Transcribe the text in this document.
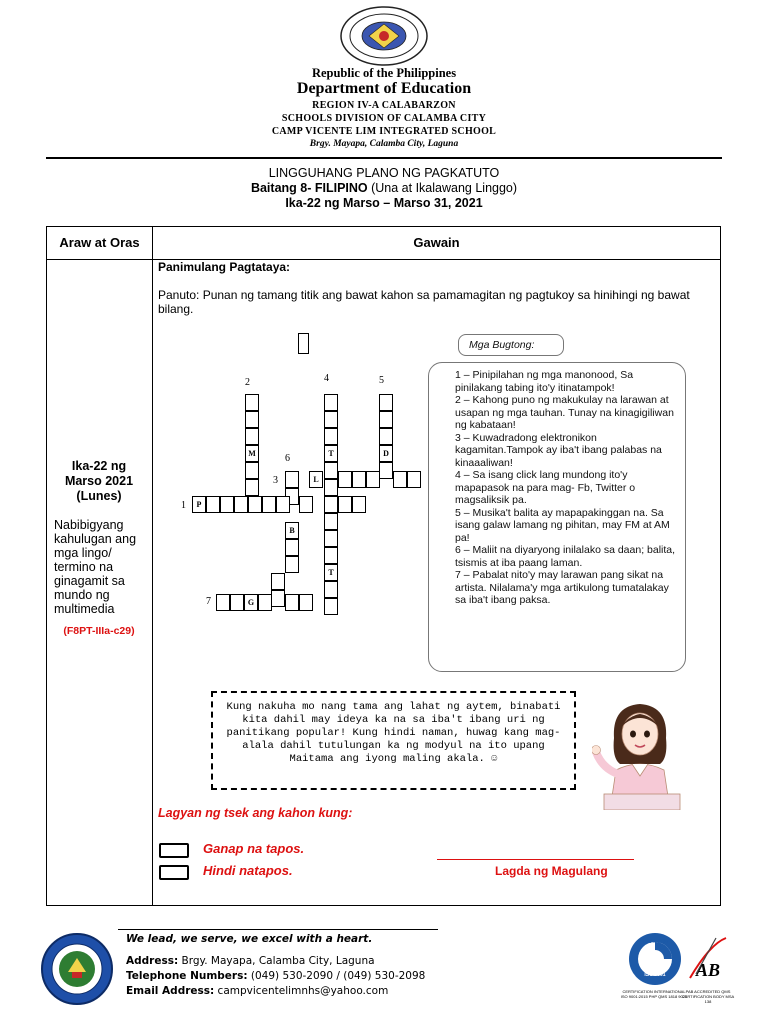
Republic of the Philippines
Department of Education
REGION IV-A CALABARZON
SCHOOLS DIVISION OF CALAMBA CITY
CAMP VICENTE LIM INTEGRATED SCHOOL
Brgy. Mayapa, Calamba City, Laguna
LINGGUHANG PLANO NG PAGKATUTO
Baitang 8- FILIPINO (Una at Ikalawang Linggo)
Ika-22 ng Marso – Marso 31, 2021
Araw at Oras	Gawain
Ika-22 ng
Marso 2021
(Lunes)
Nabibigyang kahulugan ang mga lingo/ termino na ginagamit sa mundo ng multimedia
(F8PT-IIIa-c29)
Panimulang Pagtataya:
Panuto: Punan ng tamang titik ang bawat kahon sa pamamagitan ng pagtukoy sa hinihingi ng bawat bilang.
2	4	5
6
3
1
7
M	T
T
D
L
B
P
G
Mga Bugtong:
1 – Pinipilahan ng mga manonood, Sa pinilakang tabing ito'y itinatampok!
2 – Kahong puno ng makukulay na larawan at usapan ng mga tauhan. Tunay na kinagigiliwan ng kabataan!
3 – Kuwadradong elektronikon kagamitan.Tampok ay iba't ibang palabas na kinaaaliwan!
4 – Sa isang click lang mundong ito'y mapapasok na para mag- Fb, Twitter o magsaliksik pa.
5 – Musika't balita ay mapapakinggan na. Sa isang galaw lamang ng pihitan, may FM at AM pa!
6 – Maliit na diyaryong inilalako sa daan; balita, tsismis at iba paang laman.
7 – Pabalat nito'y may larawan pang sikat na artista. Nilalama'y mga artikulong tumatalakay sa iba't ibang paksa.
Kung nakuha mo nang tama ang lahat ng aytem, binabati kita dahil may ideya ka na sa iba't ibang uri ng panitikang popular! Kung hindi naman, huwag kang mag-alala dahil tutulungan ka ng modyul na ito upang Maitama ang iyong maling akala. ☺
Lagyan ng tsek ang kahon kung:
Ganap na tapos.
Hindi natapos.	Lagda ng Magulang
We lead, we serve, we excel with a heart.
Address: Brgy. Mayapa, Calamba City, Laguna
Telephone Numbers: (049) 530-2090 / (049) 530-2098
Email Address: campvicentelimnhs@yahoo.com
TÜV NORD
ISO 9001
CERTIFICATION INTERNATIONAL ISO 9001:2015 PHP QMS 1818 9021
AB
PAB ACCREDITED QMS CERTIFICATION BODY MSA 138
